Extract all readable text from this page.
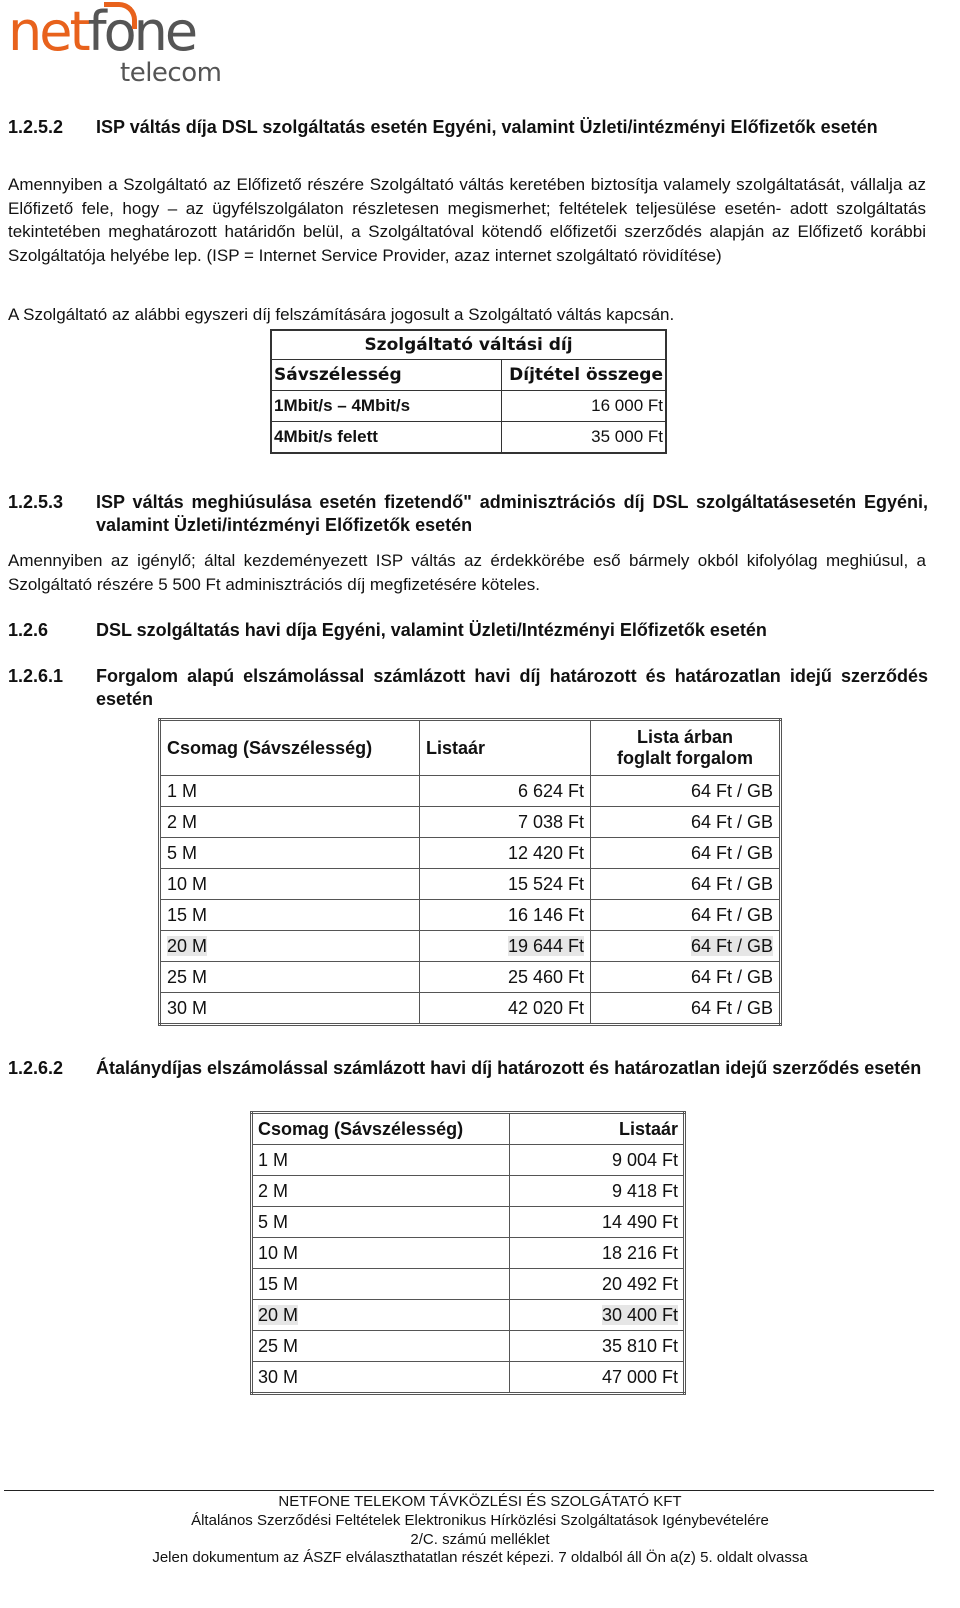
netfone
telecom
1.2.5.2 ISP váltás díja DSL szolgáltatás esetén Egyéni, valamint Üzleti/intézményi Előfizetők esetén
Amennyiben a Szolgáltató az Előfizető részére Szolgáltató váltás keretében biztosítja valamely szolgáltatását, vállalja az Előfizető fele, hogy – az ügyfélszolgálaton részletesen megismerhet; feltételek teljesülése esetén- adott szolgáltatás tekintetében meghatározott határidőn belül, a Szolgáltatóval kötendő előfizetői szerződés alapján az Előfizető korábbi Szolgáltatója helyébe lep. (ISP = Internet Service Provider, azaz internet szolgáltató rövidítése)
A Szolgáltató az alábbi egyszeri díj felszámítására jogosult a Szolgáltató váltás kapcsán.
Szolgáltató váltási díj	
Sávszélesség	Díjtétel összege
1Mbit/s – 4Mbit/s	16 000 Ft
4Mbit/s felett	35 000 Ft
1.2.5.3 ISP váltás meghiúsulása esetén fizetendő" adminisztrációs díj DSL szolgáltatásesetén Egyéni, valamint Üzleti/intézményi Előfizetők esetén
Amennyiben az igénylő; által kezdeményezett ISP váltás az érdekkörébe eső bármely okból kifolyólag meghiúsul, a Szolgáltató részére 5 500 Ft adminisztrációs díj megfizetésére köteles.
1.2.6	DSL szolgáltatás havi díja Egyéni, valamint Üzleti/Intézményi Előfizetők esetén
1.2.6.1 Forgalom alapú elszámolással számlázott havi díj határozott és határozatlan idejű szerződés esetén
Csomag (Sávszélesség)	Listaár	Lista árban
foglalt forgalom

1 M	6 624 Ft	64 Ft / GB
2 M	7 038 Ft	64 Ft / GB
5 M	12 420 Ft	64 Ft / GB
10 M	15 524 Ft	64 Ft / GB
15 M	16 146 Ft	64 Ft / GB
20 M	19 644 Ft	64 Ft / GB
25 M	25 460 Ft	64 Ft / GB
30 M	42 020 Ft	64 Ft / GB
1.2.6.2 Átalánydíjas elszámolással számlázott havi díj határozott és határozatlan idejű szerződés esetén
Csomag (Sávszélesség)	Listaár
1 M	9 004 Ft
2 M	9 418 Ft
5 M	14 490 Ft
10 M	18 216 Ft
15 M	20 492 Ft
20 M	30 400 Ft
25 M	35 810 Ft
30 M	47 000 Ft
NETFONE TELEKOM TÁVKÖZLÉSI ÉS SZOLGÁTATÓ KFT
Általános Szerződési Feltételek Elektronikus Hírközlési Szolgáltatások Igénybevételére
2/C. számú melléklet
Jelen dokumentum az ÁSZF elválaszthatatlan részét képezi. 7 oldalból áll Ön a(z) 5. oldalt olvassa
